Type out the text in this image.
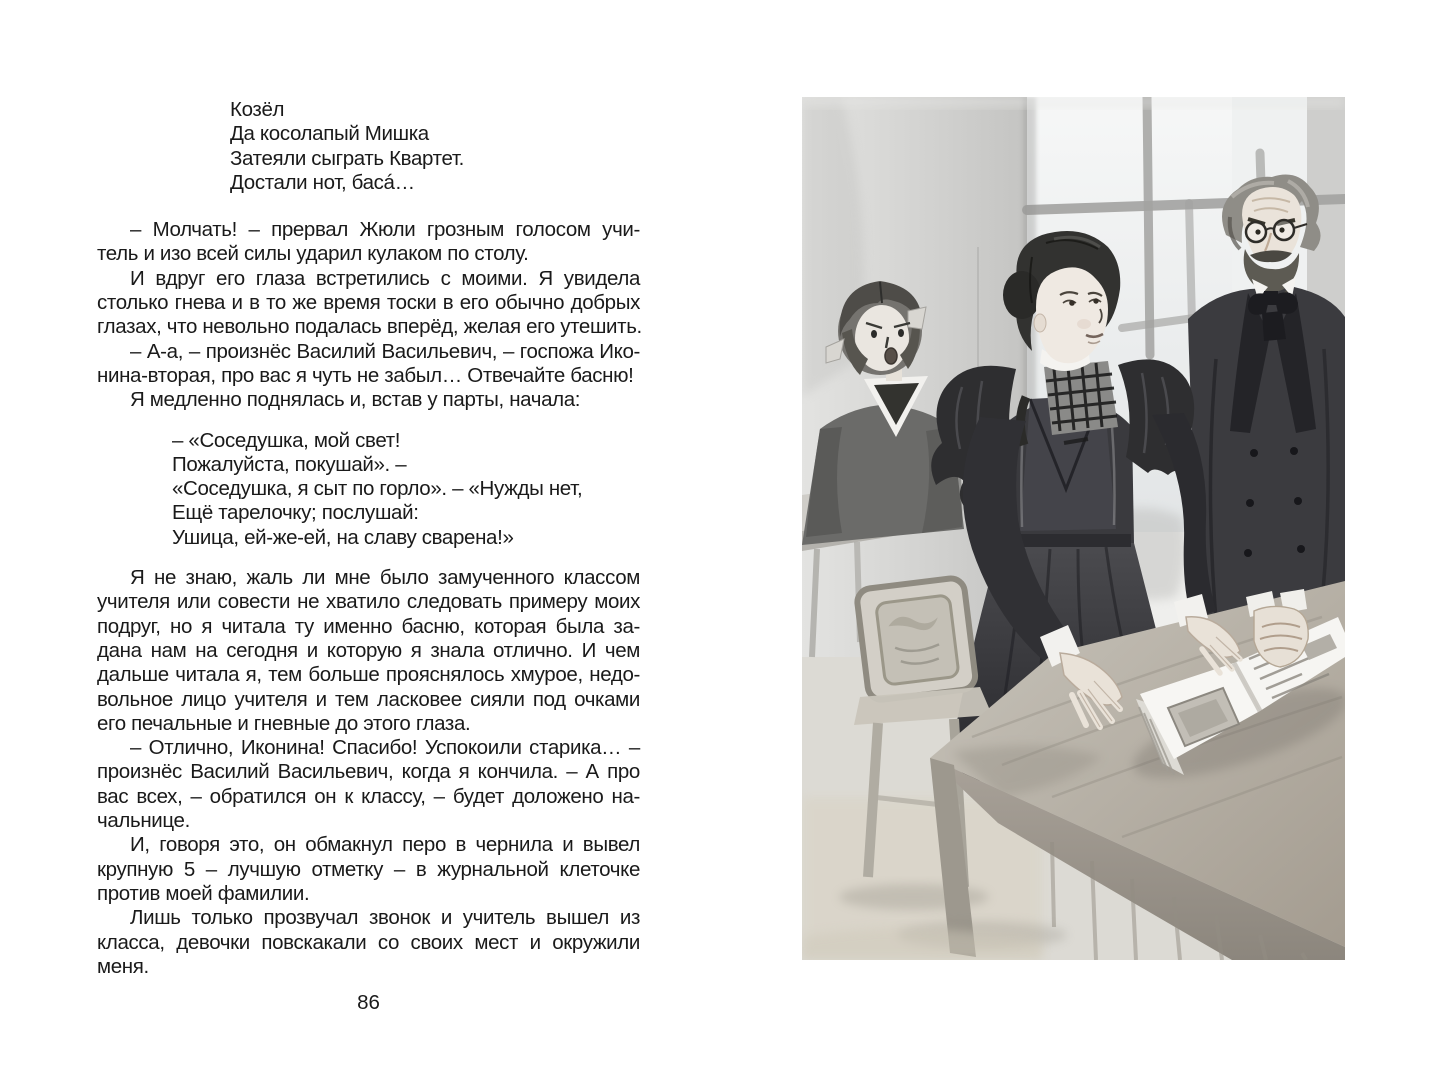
Козёл
Да косолапый Мишка
Затеяли сыграть Квартет.
Достали нот, басá…
– Молчать! – прервал Жюли грозным голосом учи-
тель и изо всей силы ударил кулаком по столу.
И вдруг его глаза встретились с моими. Я увидела
столько гнева и в то же время тоски в его обычно добрых
глазах, что невольно подалась вперёд, желая его утешить.
– А-а, – произнёс Василий Васильевич, – госпожа Ико-
нина-вторая, про вас я чуть не забыл… Отвечайте басню!
Я медленно поднялась и, встав у парты, начала:
– «Соседушка, мой свет!
Пожалуйста, покушай». –
«Соседушка, я сыт по горло». – «Нужды нет,
Ещё тарелочку; послушай:
Ушица, ей-же-ей, на славу сварена!»
Я не знаю, жаль ли мне было замученного классом
учителя или совести не хватило следовать примеру моих
подруг, но я читала ту именно басню, которая была за-
дана нам на сегодня и которую я знала отлично. И чем
дальше читала я, тем больше прояснялось хмурое, недо-
вольное лицо учителя и тем ласковее сияли под очками
его печальные и гневные до этого глаза.
– Отлично, Иконина! Спасибо! Успокоили старика… –
произнёс Василий Васильевич, когда я кончила. – А про
вас всех, – обратился он к классу, – будет доложено на-
чальнице.
И, говоря это, он обмакнул перо в чернила и вывел
крупную 5 – лучшую отметку – в журнальной клеточке
против моей фамилии.
Лишь только прозвучал звонок и учитель вышел из
класса, девочки повскакали со своих мест и окружили
меня.
86
